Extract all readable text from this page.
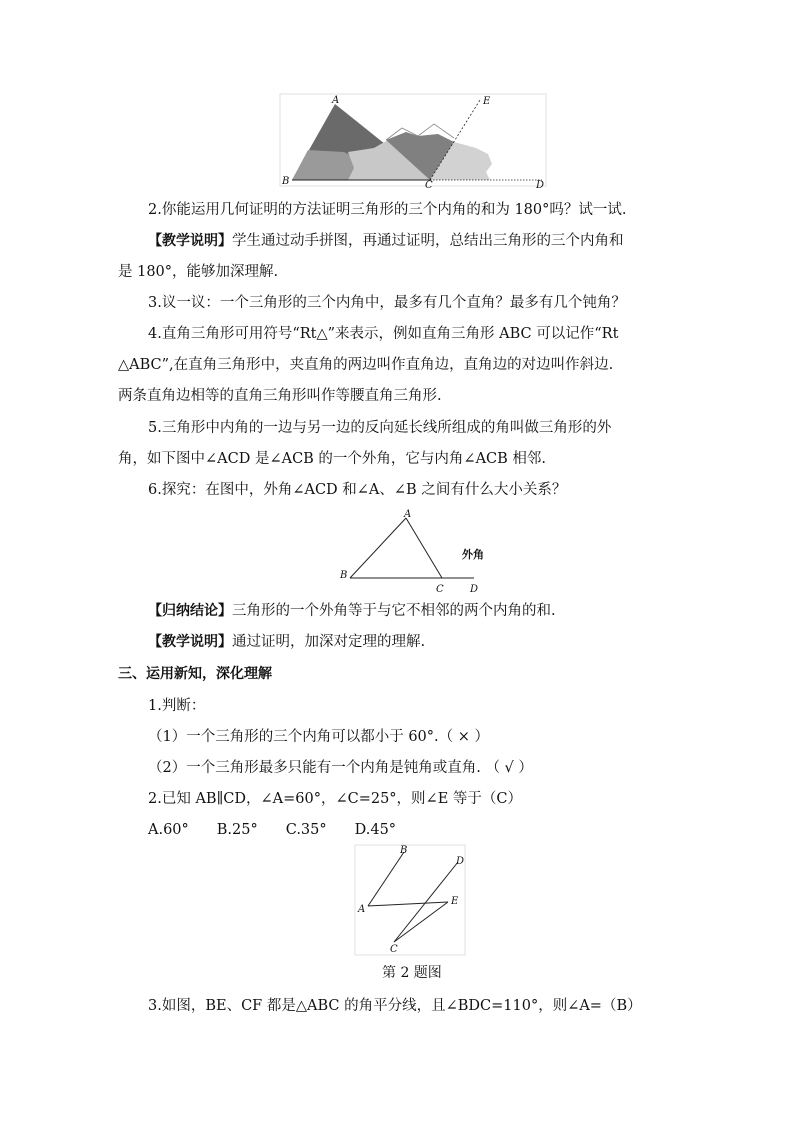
A
B	C
E
D
2.你能运用几何证明的方法证明三角形的三个内角的和为 180°吗？试一试.
【教学说明】学生通过动手拼图，再通过证明，总结出三角形的三个内角和
是 180°，能够加深理解.
3.议一议：一个三角形的三个内角中，最多有几个直角？最多有几个钝角？
4.直角三角形可用符号“Rt△”来表示，例如直角三角形 ABC 可以记作“Rt
△ABC”,在直角三角形中，夹直角的两边叫作直角边，直角边的对边叫作斜边.
两条直角边相等的直角三角形叫作等腰直角三角形.
5.三角形中内角的一边与另一边的反向延长线所组成的角叫做三角形的外
角，如下图中∠ACD 是∠ACB 的一个外角，它与内角∠ACB 相邻.
6.探究：在图中，外角∠ACD 和∠A、∠B 之间有什么大小关系？
A
B
C	D
外角
【归纳结论】三角形的一个外角等于与它不相邻的两个内角的和.
【教学说明】通过证明，加深对定理的理解.
三、运用新知，深化理解
1.判断：
（1）一个三角形的三个内角可以都小于 60°.（ × ）
（2）一个三角形最多只能有一个内角是钝角或直角. （ √ ）
2.已知 AB∥CD，∠A=60°，∠C=25°，则∠E 等于（C）
A.60° B.25° C.35° D.45°
B
D
A
E
C
第 2 题图
3.如图，BE、CF 都是△ABC 的角平分线，且∠BDC=110°，则∠A=（B）
